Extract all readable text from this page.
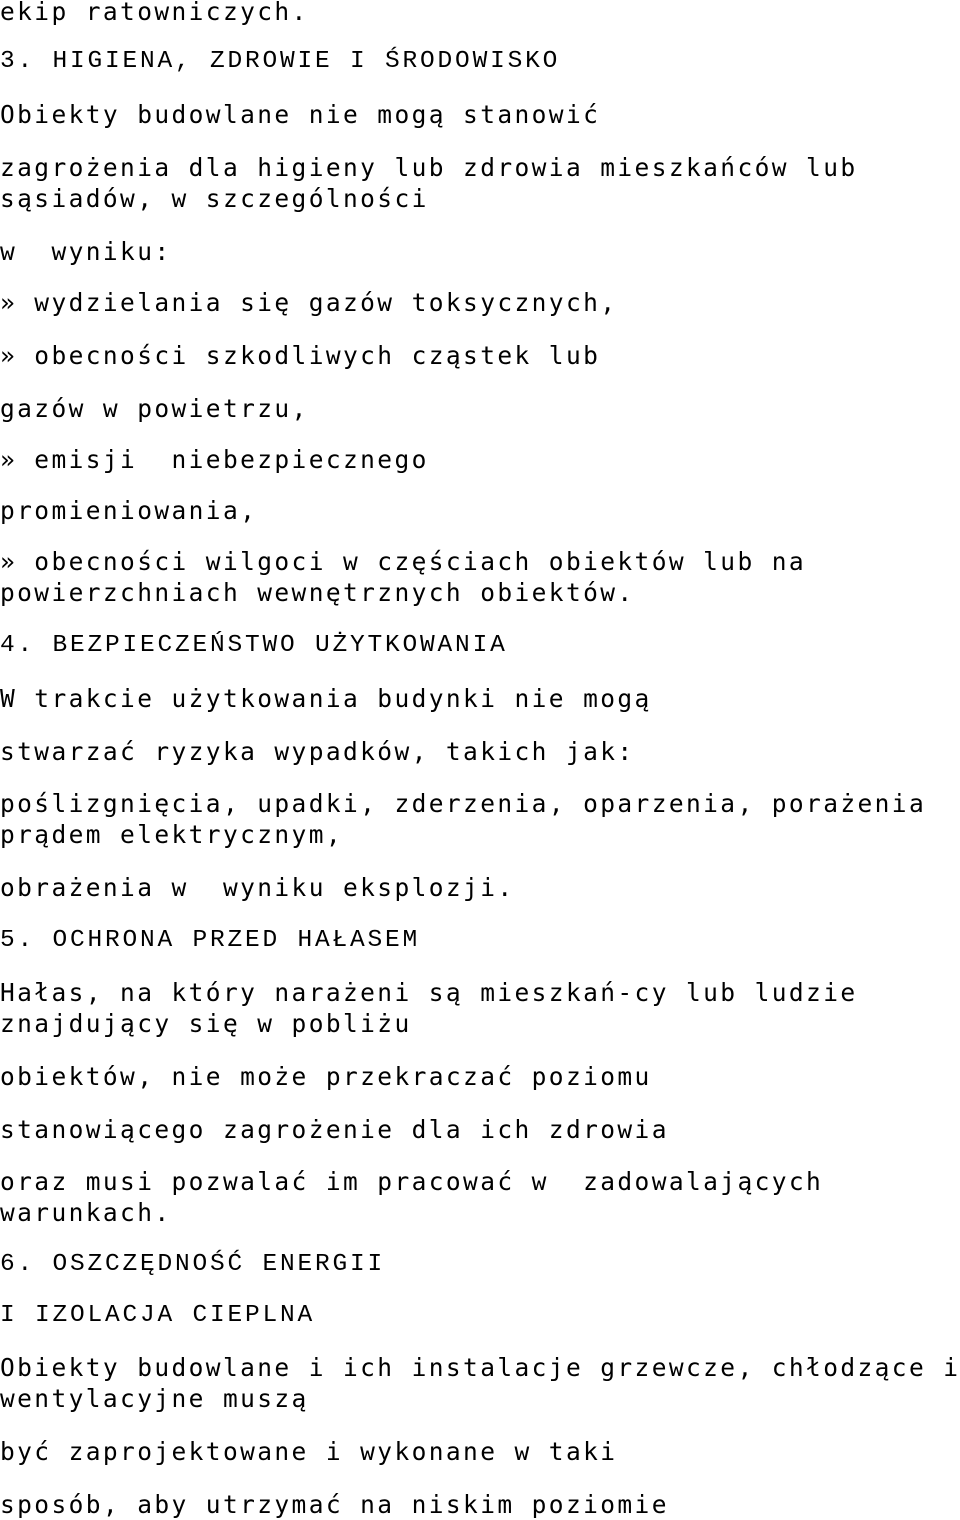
ekip ratowniczych.

3. HIGIENA, ZDROWIE I ŚRODOWISKO

Obiekty budowlane nie mogą stanowić

zagrożenia dla higieny lub zdrowia mieszkańców lub

sąsiadów, w szczególności

w  wyniku:

» wydzielania się gazów toksycznych,

» obecności szkodliwych cząstek lub

gazów w powietrzu,

» emisji  niebezpiecznego

promieniowania,

» obecności wilgoci w częściach obiektów lub na

powierzchniach wewnętrznych obiektów.

4. BEZPIECZEŃSTWO UŻYTKOWANIA

W trakcie użytkowania budynki nie mogą

stwarzać ryzyka wypadków, takich jak:

poślizgnięcia, upadki, zderzenia, oparzenia, porażenia

prądem elektrycznym,

obrażenia w  wyniku eksplozji.

5. OCHRONA PRZED HAŁASEM

Hałas, na który narażeni są mieszkań-cy lub ludzie

znajdujący się w pobliżu

obiektów, nie może przekraczać poziomu

stanowiącego zagrożenie dla ich zdrowia

oraz musi pozwalać im pracować w  zadowalających

warunkach.

6. OSZCZĘDNOŚĆ ENERGII

I IZOLACJA CIEPLNA

Obiekty budowlane i ich instalacje grzewcze, chłodzące i

wentylacyjne muszą

być zaprojektowane i wykonane w taki

sposób, aby utrzymać na niskim poziomie
